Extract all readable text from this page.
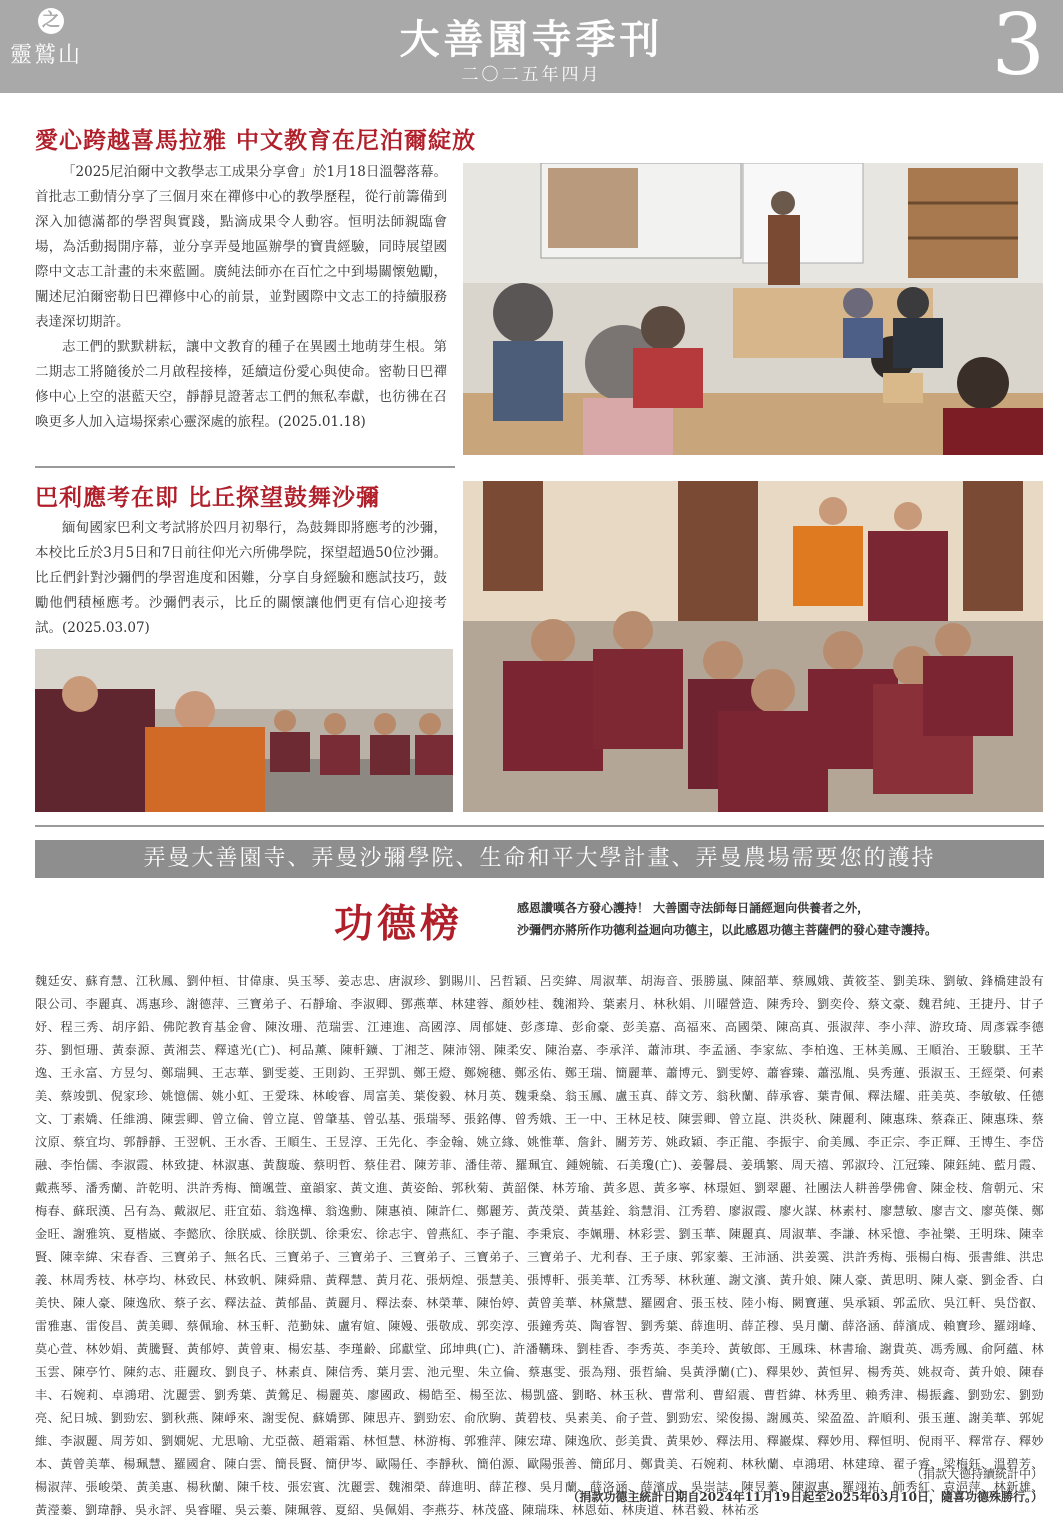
之
靈鷲山	大善園寺季刊
二〇二五年四月	3
愛心跨越喜馬拉雅 中文教育在尼泊爾綻放

「2025尼泊爾中文教學志工成果分享會」於1月18日溫馨落幕。首批志工動情分享了三個月來在禪修中心的教學歷程，從行前籌備到深入加德滿都的學習與實踐，點滴成果令人動容。恒明法師親臨會場，為活動揭開序幕，並分享弄曼地區辦學的寶貴經驗，同時展望國際中文志工計畫的未來藍圖。廣純法師亦在百忙之中到場關懷勉勵，闡述尼泊爾密勒日巴禪修中心的前景，並對國際中文志工的持續服務表達深切期許。

志工們的默默耕耘，讓中文教育的種子在異國土地萌芽生根。第二期志工將隨後於二月啟程接棒，延續這份愛心與使命。密勒日巴禪修中心上空的湛藍天空，靜靜見證著志工們的無私奉獻，也彷彿在召喚更多人加入這場探索心靈深處的旅程。(2025.01.18)

巴利應考在即 比丘探望鼓舞沙彌

緬甸國家巴利文考試將於四月初舉行，為鼓舞即將應考的沙彌，本校比丘於3月5日和7日前往仰光六所佛學院，探望超過50位沙彌。比丘們針對沙彌們的學習進度和困難，分享自身經驗和應試技巧，鼓勵他們積極應考。沙彌們表示，比丘的關懷讓他們更有信心迎接考試。(2025.03.07)

弄曼大善園寺、弄曼沙彌學院、生命和平大學計畫、弄曼農場需要您的護持
功德榜	感恩讚嘆各方發心護持！ 大善園寺法師每日誦經迴向供養者之外，
沙彌們亦將所作功德利益迴向功德主，以此感恩功德主菩薩們的發心建寺護持。
魏廷安、蘇育慧、江秋鳳、劉仲桓、甘偉康、吳玉琴、姜志忠、唐淑珍、劉賜川、呂哲穎、呂奕緯、周淑華、胡海音、張勝嵐、陳韶華、蔡鳳娥、黃筱荃、劉美珠、劉敏、鋒橋建設有限公司、李麗真、馮惠珍、謝德萍、三寶弟子、石靜瑜、李淑卿、鄧燕華、林建蓉、顏妙桂、魏湘羚、葉素月、林秋娟、川曜營造、陳秀玲、劉奕伶、蔡文豪、魏君純、王捷丹、甘子妤、程三秀、胡序鉛、佛陀教育基金會、陳汝珊、范瑞雲、江連進、高國淳、周郁婕、彭彥瑋、彭俞豪、彭美嘉、高福來、高國榮、陳高真、張淑萍、李小萍、游玫琦、周彥霖李德芬、劉恒珊、黃泰源、黃湘芸、釋遠光(亡)、柯品薰、陳軒鑛、丁湘芝、陳沛翎、陳柔安、陳治嘉、李承洋、蕭沛琪、李孟涵、李家紘、李柏逸、王林美鳳、王順治、王駿騏、王芊逸、王永富、方昱匀、鄭瑞興、王志華、劉雯菱、王則鈞、王羿凱、鄭王燈、鄭婉穗、鄭丞佑、鄭王瑞、簡麗華、蕭博元、劉雯婷、蕭睿臻、蕭泓胤、吳秀蓮、張淑玉、王經榮、何素美、蔡竣凱、倪家珍、姚憶儒、姚小虹、王愛珠、林峻睿、周富美、葉俊毅、林月英、魏秉燊、翁玉鳳、盧玉真、薛文芳、翁秋蘭、薛承睿、葉青佩、釋法耀、莊美英、李敏敏、任德文、丁素嬌、任維鴻、陳雲卿、曾立倫、曾立崑、曾肇基、曾弘基、張瑞琴、張銘傳、曾秀娥、王一中、王林足枝、陳雲卿、曾立崑、洪炎秋、陳麗利、陳惠珠、蔡森正、陳惠珠、蔡汶原、蔡宜均、郭靜靜、王翌帆、王水香、王順生、王昱淳、王先化、李金翰、姚立緣、姚惟華、詹針、關芳芳、姚政穎、李正龍、李振宇、俞美鳳、李正宗、李正輝、王博生、李岱融、李怡儒、李淑霞、林致捷、林淑惠、黃馥璇、蔡明哲、蔡佳君、陳芳菲、潘佳蒂、羅珮宜、鍾婉毓、石美瓊(亡)、姜馨晨、姜瑀繁、周天禧、郭淑玲、江冠臻、陳鈺純、藍月霞、戴燕琴、潘秀蘭、許乾明、洪許秀梅、簡颯萱、童韻家、黃文進、黃姿飴、郭秋菊、黃韶傑、林芳瑜、黃多恩、黃多寧、林璟姮、劉翠麗、社團法人耕善學佛會、陳金枝、詹朝元、宋梅春、蘇珉漢、呂有為、戴淑尼、莊宜茹、翁逸樺、翁逸勳、陳惠禎、陳許仁、鄭麗芳、黃茂榮、黃基銓、翁慧涓、江秀碧、廖淑霞、廖火謀、林素村、廖慧敏、廖吉文、廖英傑、鄭金旺、謝雅筑、夏楷崴、李懿欣、徐朕威、徐朕凱、徐秉宏、徐志宇、曾燕紅、李子龍、李秉宸、李姵珊、林彩雲、劉玉華、陳麗真、周淑華、李謙、林采憶、李祉樂、王明珠、陳幸賢、陳幸緯、宋春香、三寶弟子、無名氏、三寶弟子、三寶弟子、三寶弟子、三寶弟子、三寶弟子、尤利春、王子康、郭家蓁、王沛涵、洪姜霙、洪許秀梅、張楊白梅、張書維、洪忠義、林周秀枝、林亭均、林致民、林致帆、陳舜鼎、黃釋慧、黃月花、張炳煌、張慧美、張博軒、張美華、江秀琴、林秋蓮、謝文濱、黃升娘、陳人豪、黃思明、陳人豪、劉金香、白美快、陳人豪、陳逸欣、蔡子玄、釋法益、黃郁晶、黃麗月、釋法泰、林榮華、陳怡婷、黃曾美華、林黛慧、羅國倉、張玉枝、陸小梅、闕寶蓮、吳承穎、郭孟欣、吳江軒、吳岱叡、雷雅惠、雷俊昌、黃美卿、蔡佩瑜、林玉軒、范勤妹、盧宥媗、陳嫚、張敬成、郭奕淳、張鐘秀英、陶睿智、劉秀葉、薛進明、薛芷穆、吳月蘭、薛洛涵、薛濱成、賴寶珍、羅翊峰、莫心萱、林妙娟、黃騰賢、黃郁婷、黃曾東、楊宏基、李瑾齡、邱獻堂、邱坤典(亡)、許潘韉珠、劉桂香、李秀英、李美玲、黃敏郎、王鳳珠、林書瑜、謝貴英、馮秀鳳、俞阿蘊、林玉雲、陳亭竹、陳約志、莊麗玫、劉良子、林素貞、陳信秀、葉月雲、池元聖、朱立倫、蔡惠雯、張為翔、張哲綸、吳黃淨蘭(亡)、釋果妙、黃恒昇、楊秀英、姚叔奇、黃升娘、陳春丰、石婉莉、卓鴻珺、沈麗雲、劉秀葉、黃鶯足、楊麗英、廖國政、楊皓至、楊至汯、楊凱盛、劉略、林玉秋、曹常利、曹紹震、曹哲緯、林秀里、賴秀津、楊振鑫、劉勁宏、劉勁亮、紀日城、劉勁宏、劉秋燕、陳崢來、謝雯倪、蘇嬌鄧、陳思卉、劉勁宏、俞欣駒、黃碧枝、吳素美、俞子萱、劉勁宏、梁俊揚、謝鳳英、梁盈盈、許順利、張玉蓮、謝美華、郭妮維、李淑麗、周芳如、劉嫺妮、尤思喻、尤亞薇、趙霜霜、林恒慧、林游梅、郭雅萍、陳宏瑋、陳逸欣、彭美貴、黃果妙、釋法用、釋巖煤、釋妙用、釋恒明、倪雨平、釋常存、釋妙本、黃曾美華、楊珮慧、羅國倉、陳白雲、簡長賢、簡伊岑、歐陽任、李靜秋、簡伯源、歐陽張善、簡邱月、鄭貴美、石婉莉、林秋蘭、卓鴻珺、林建璋、翟子睿、梁梅鈺、溫碧芳、楊淑萍、張峻榮、黃美惠、楊秋蘭、陳千枝、張宏賓、沈麗雲、魏湘榮、薛進明、薛芷穆、吳月蘭、薛洛涵、薛濱成、吳崇誌、陳昱蓁、陳淑惠、羅翊祐、師秀紅、袁浥萍、林新雄、黃瀅蓁、劉瑋靜、吳永評、吳睿曜、吳云蓁、陳珮蓉、夏紹、吳佩娟、李燕芬、林茂盛、陳瑞珠、林恩茹、林庚道、林君毅、林祐丞
（捐款大德持續統計中）
（捐款功德主統計日期自2024年11月19日起至2025年03月10日，隨喜功德殊勝行。）
